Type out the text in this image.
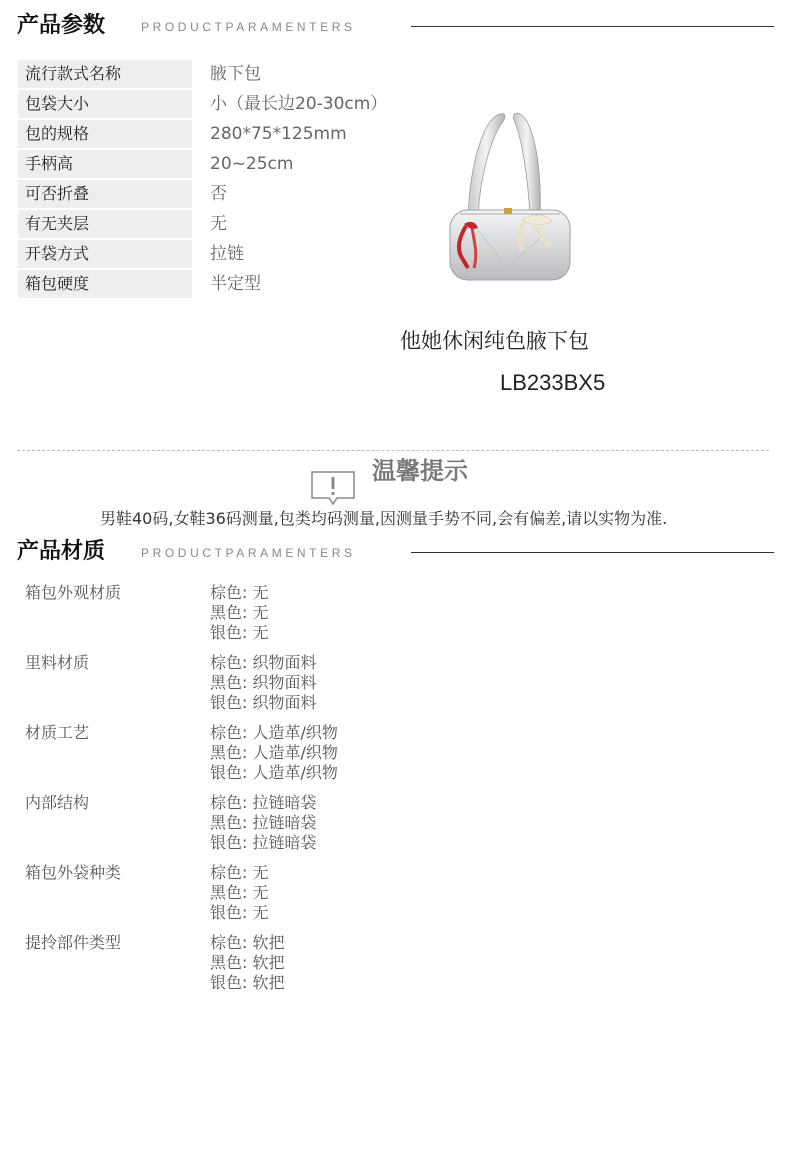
产品参数	PRODUCTPARAMENTERS
流行款式名称	腋下包
包袋大小	小（最长边20-30cm）
包的规格	280*75*125mm
手柄高	20~25cm
可否折叠	否
有无夹层	无
开袋方式	拉链
箱包硬度	半定型
他她休闲纯色腋下包
LB233BX5
温馨提示
男鞋40码,女鞋36码测量,包类均码测量,因测量手势不同,会有偏差,请以实物为准.
产品材质	PRODUCTPARAMENTERS
箱包外观材质	棕色: 无
黑色: 无
银色: 无
里料材质	棕色: 织物面料
黑色: 织物面料
银色: 织物面料
材质工艺	棕色: 人造革/织物
黑色: 人造革/织物
银色: 人造革/织物
内部结构	棕色: 拉链暗袋
黑色: 拉链暗袋
银色: 拉链暗袋
箱包外袋种类	棕色: 无
黑色: 无
银色: 无
提拎部件类型	棕色: 软把
黑色: 软把
银色: 软把
